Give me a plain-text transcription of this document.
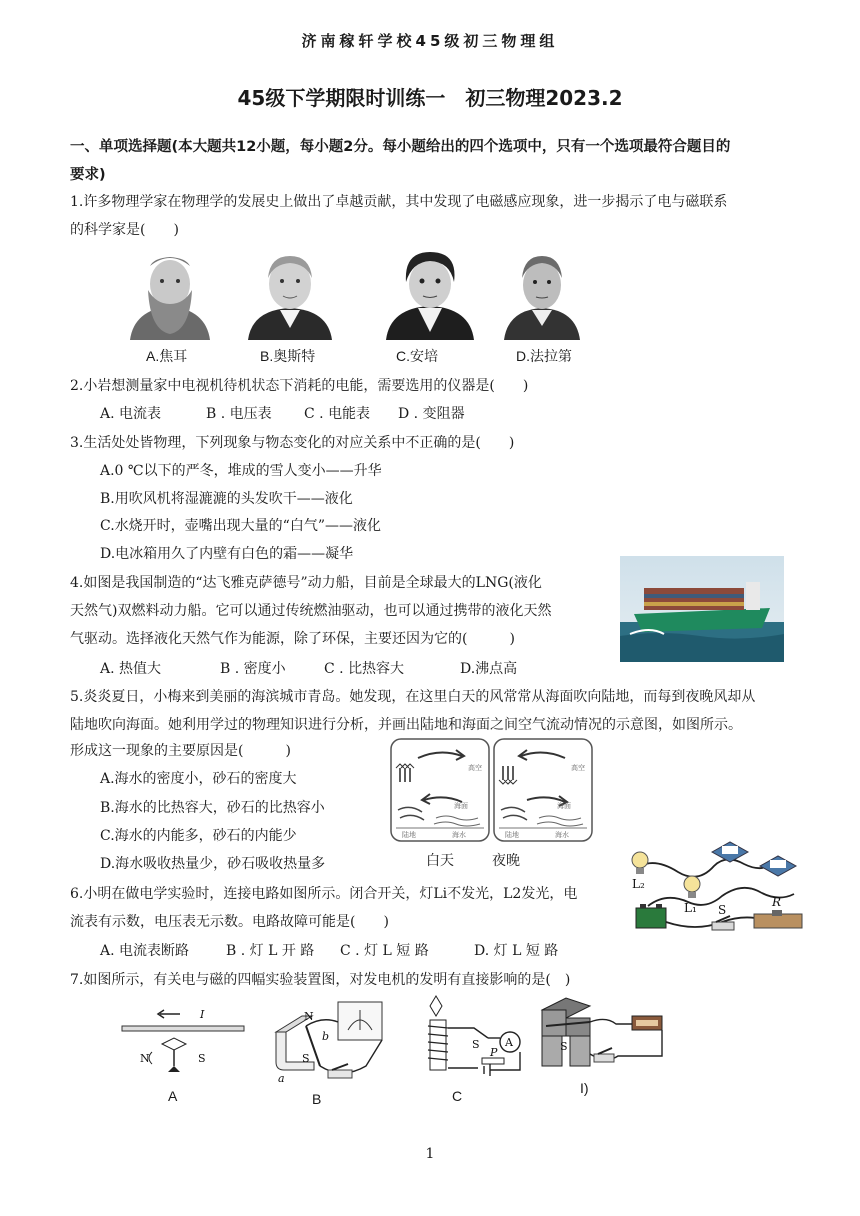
济南稼轩学校45级初三物理组
45级下学期限时训练一　初三物理2023.2
一、单项选择题(本大题共12小题，每小题2分。每小题给出的四个选项中，只有一个选项最符合题目的
要求)
1.许多物理学家在物理学的发展史上做出了卓越贡献，其中发现了电磁感应现象，进一步揭示了电与磁联系
的科学家是(　　)
A.焦耳	B.奥斯特	C.安培	D.法拉第
2.小岩想测量家中电视机待机状态下消耗的电能，需要选用的仪器是(　　)
A. 电流表	B . 电压表 C . 电能表 D . 变阻器
3.生活处处皆物理，下列现象与物态变化的对应关系中不正确的是(　　)
A.0 ℃以下的严冬，堆成的雪人变小——升华
B.用吹风机将湿漉漉的头发吹干——液化
C.水烧开时，壶嘴出现大量的“白气”——液化
D.电冰箱用久了内壁有白色的霜——凝华
4.如图是我国制造的“达飞雅克萨德号”动力船，目前是全球最大的LNG(液化
天然气)双燃料动力船。它可以通过传统燃油驱动，也可以通过携带的液化天然
气驱动。选择液化天然气作为能源，除了环保，主要还因为它的(　　　)
A. 热值大	B . 密度小	C . 比热容大	D.沸点高
5.炎炎夏日，小梅来到美丽的海滨城市青岛。她发现，在这里白天的风常常从海面吹向陆地，而每到夜晚风却从
陆地吹向海面。她利用学过的物理知识进行分析，并画出陆地和海面之间空气流动情况的示意图，如图所示。
形成这一现象的主要原因是(　　　)
A.海水的密度小，砂石的密度大
B.海水的比热容大，砂石的比热容小
C.海水的内能多，砂石的内能少
D.海水吸收热量少，砂石吸收热量多
高空
海面
陆地	海水
高空
海面
陆地	海水
白天	夜晚
6.小明在做电学实验时，连接电路如图所示。闭合开关，灯Li不发光，L2发光，电
流表有示数，电压表无示数。电路故障可能是(　　)
A. 电流表断路	B . 灯 L 开 路 C . 灯 L 短 路	D. 灯 L 短 路
L₂
L₁ S
R
7.如图所示，有关电与磁的四幅实验装置图，对发电机的发明有直接影响的是(　)
I
N	S
N
b
S
a
S
P
A	S
A	B	C	I)
1
